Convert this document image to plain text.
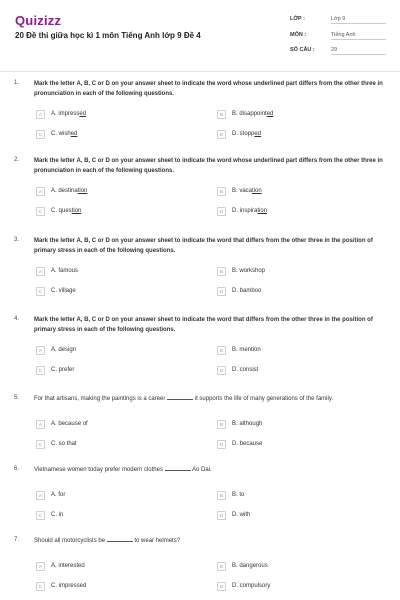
Quizizz
20 Đề thi giữa học kì 1 môn Tiếng Anh lớp 9 Đề 4
LỚP :	Lớp 9
MÔN :	Tiếng Anh
SỐ CÂU :	29
1. Mark the letter A, B, C or D on your answer sheet to indicate the word whose underlined part differs from the other three in pronunciation in each of the following questions.
A	A. impressed	B	B. disappointed
C	C. wished	D	D. stopped
2. Mark the letter A, B, C or D on your answer sheet to indicate the word whose underlined part differs from the other three in pronunciation in each of the following questions.
A	A. destination	B	B. vacation
C	C. question	D	D. inspiration
3. Mark the letter A, B, C or D on your answer sheet to indicate the word that differs from the other three in the position of primary stress in each of the following questions.
A	A. famous	B	B. workshop
C	C. village	D	D. bamboo
4. Mark the letter A, B, C or D on your answer sheet to indicate the word that differs from the other three in the position of primary stress in each of the following questions.
A	A. design	B	B. mention
C	C. prefer	D	D. consist
5. For that artisans, making the paintings is a career	it supports the life of many generations of the family.
A	A. because of	B	B. although
C	C. so that	D	D. because
6. Vietnamese women today prefer modern clothes	Ao Dai.
A	A. for	B	B. to
C	C. in	D	D. with
7. Should all motorcyclists be	to wear helmets?
A	A. interested	B	B. dangerous
C	C. impressed	D	D. compulsory
